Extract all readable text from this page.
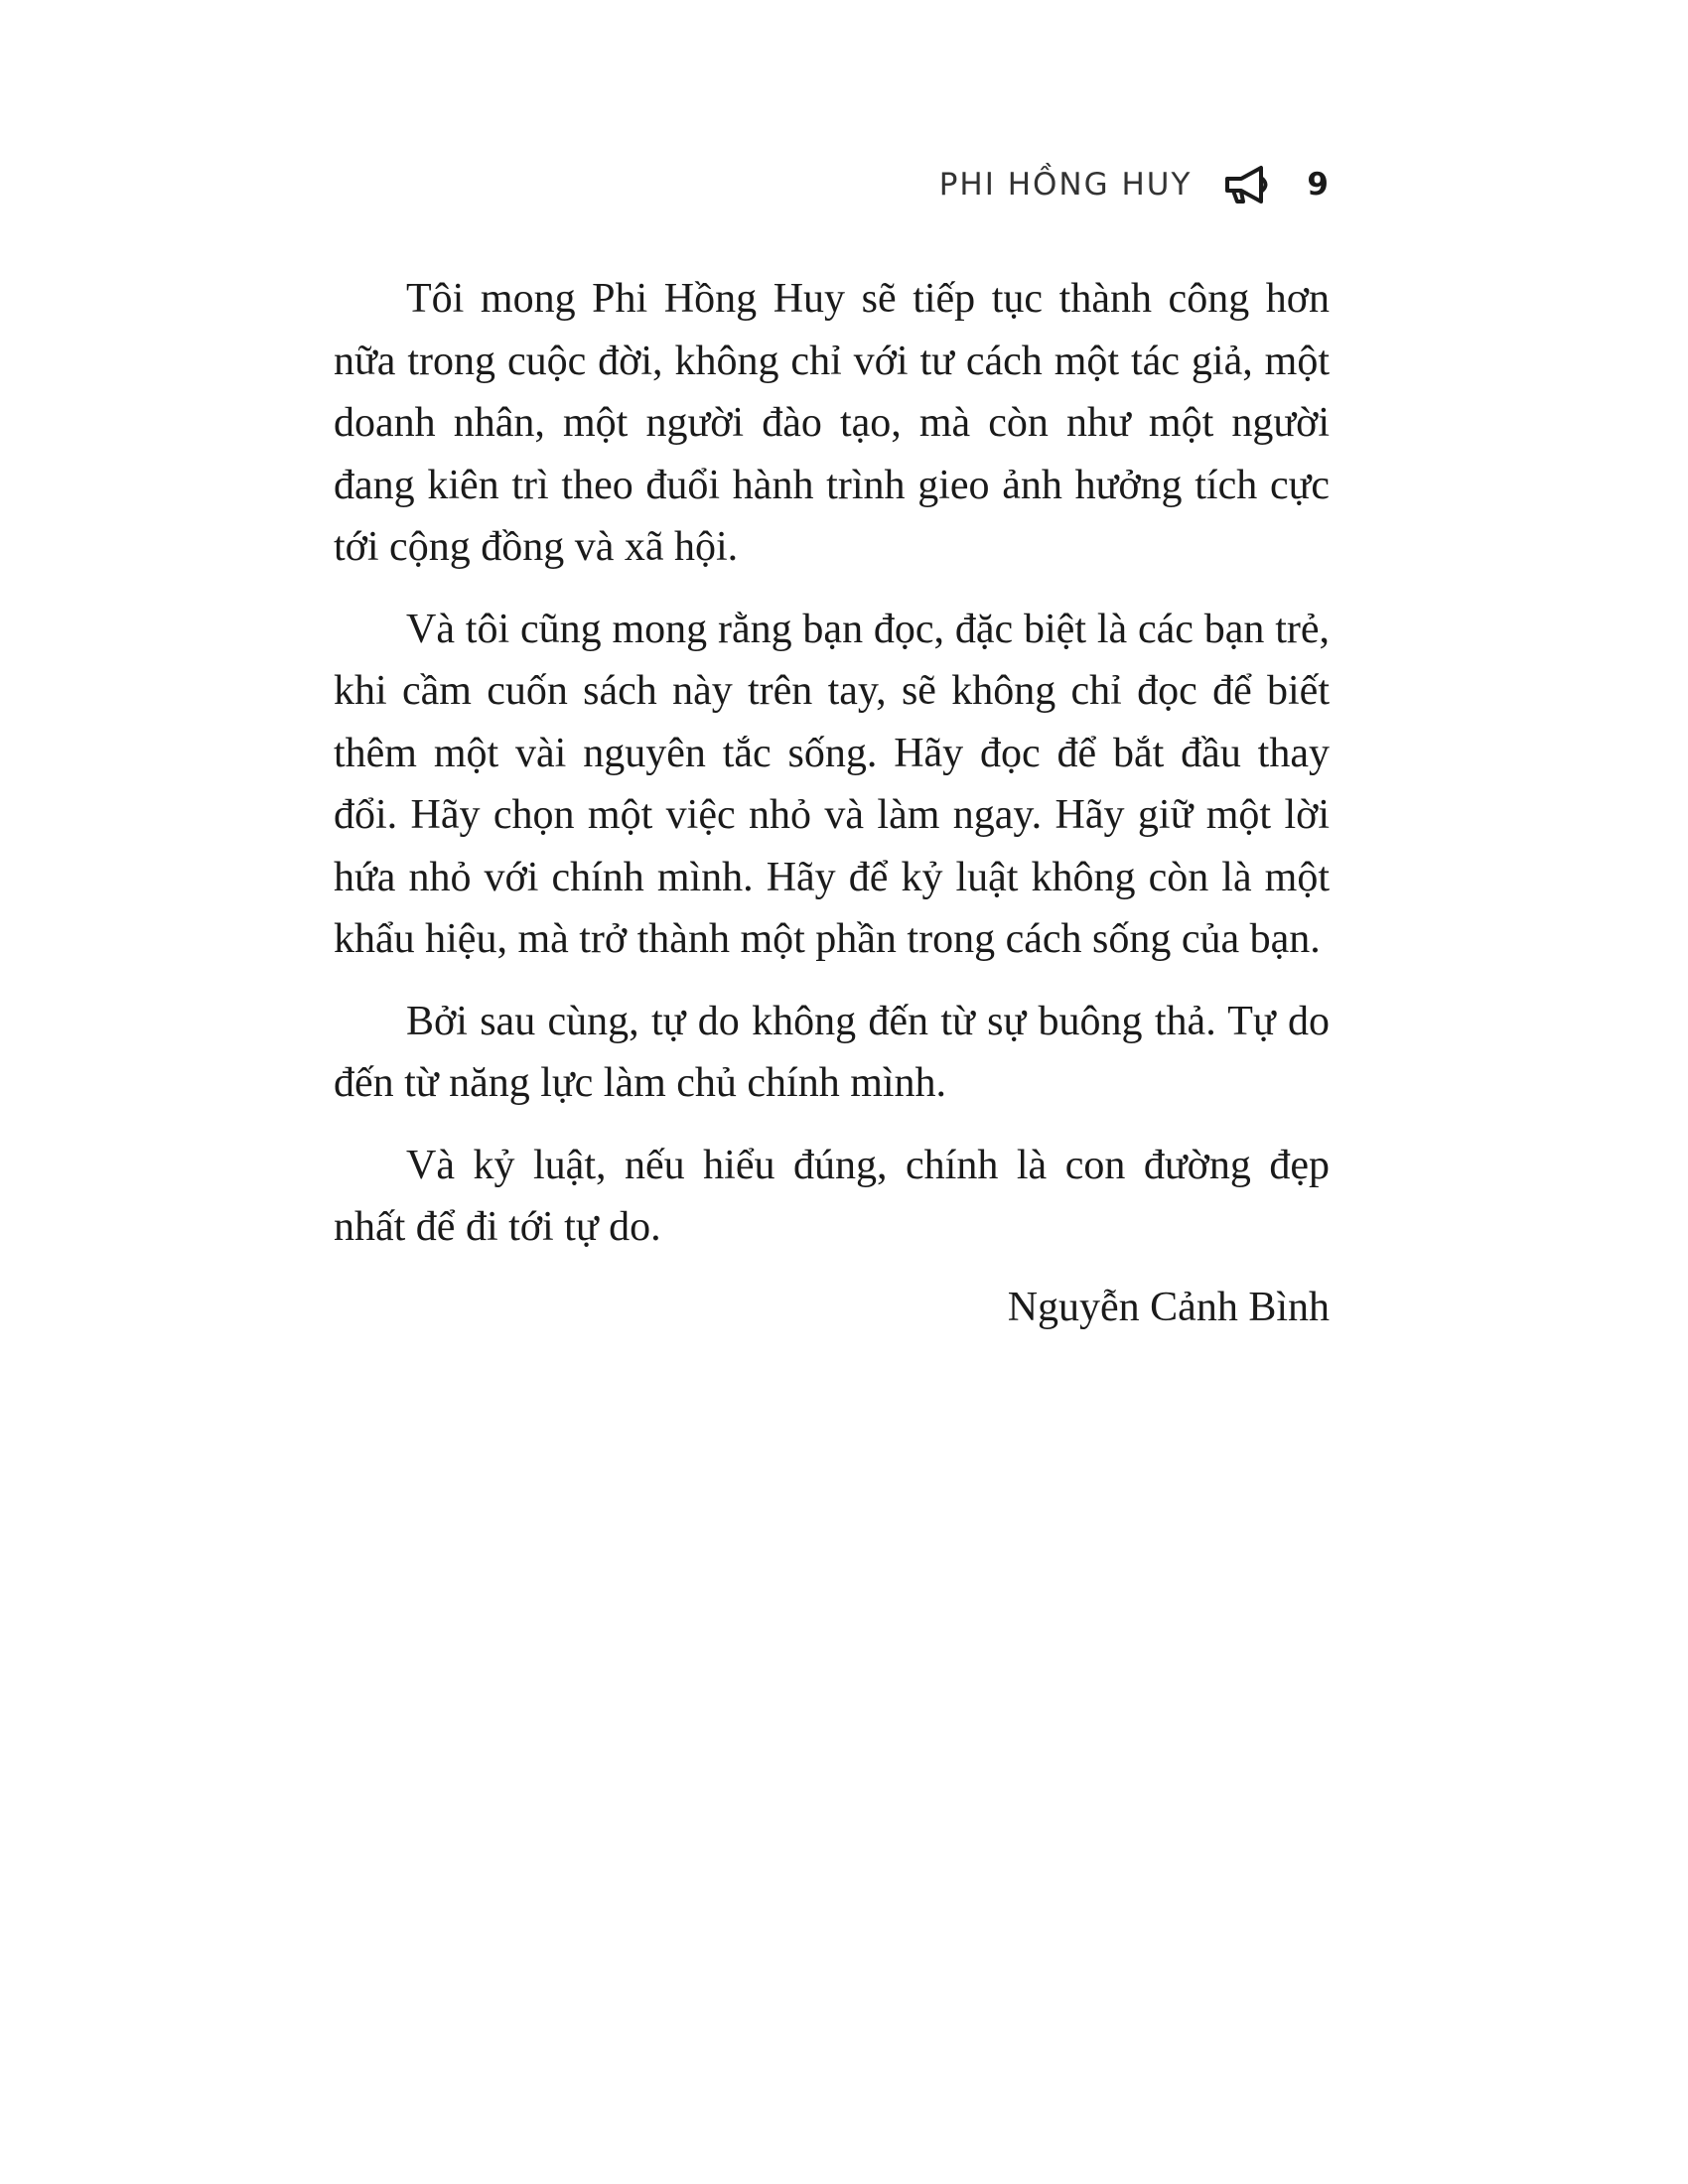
PHI HỒNG HUY	9

Tôi mong Phi Hồng Huy sẽ tiếp tục thành công hơn nữa trong cuộc đời, không chỉ với tư cách một tác giả, một doanh nhân, một người đào tạo, mà còn như một người đang kiên trì theo đuổi hành trình gieo ảnh hưởng tích cực tới cộng đồng và xã hội.

Và tôi cũng mong rằng bạn đọc, đặc biệt là các bạn trẻ, khi cầm cuốn sách này trên tay, sẽ không chỉ đọc để biết thêm một vài nguyên tắc sống. Hãy đọc để bắt đầu thay đổi. Hãy chọn một việc nhỏ và làm ngay. Hãy giữ một lời hứa nhỏ với chính mình. Hãy để kỷ luật không còn là một khẩu hiệu, mà trở thành một phần trong cách sống của bạn.

Bởi sau cùng, tự do không đến từ sự buông thả. Tự do đến từ năng lực làm chủ chính mình.

Và kỷ luật, nếu hiểu đúng, chính là con đường đẹp nhất để đi tới tự do.

Nguyễn Cảnh Bình
